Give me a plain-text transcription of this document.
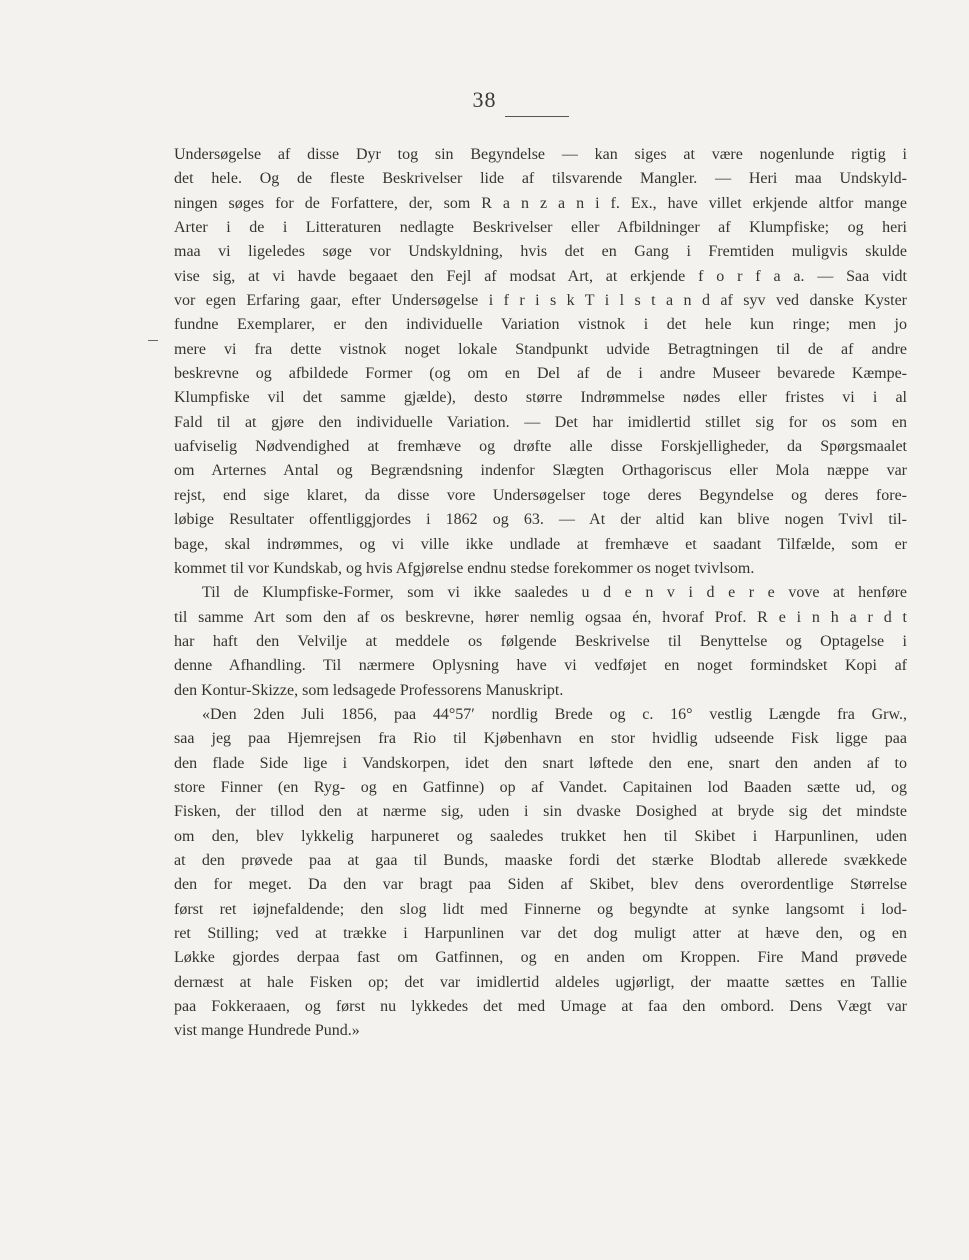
38
Undersøgelse af disse Dyr tog sin Begyndelse — kan siges at være nogenlunde rigtig i
det hele. Og de fleste Beskrivelser lide af tilsvarende Mangler. — Heri maa Undskyld-
ningen søges for de Forfattere, der, som R a n z a n i f. Ex., have villet erkjende altfor mange
Arter i de i Litteraturen nedlagte Beskrivelser eller Afbildninger af Klumpfiske; og heri
maa vi ligeledes søge vor Undskyldning, hvis det en Gang i Fremtiden muligvis skulde
vise sig, at vi havde begaaet den Fejl af modsat Art, at erkjende f o r f a a. — Saa vidt
vor egen Erfaring gaar, efter Undersøgelse i f r i s k T i l s t a n d af syv ved danske Kyster
fundne Exemplarer, er den individuelle Variation vistnok i det hele kun ringe; men jo
mere vi fra dette vistnok noget lokale Standpunkt udvide Betragtningen til de af andre
beskrevne og afbildede Former (og om en Del af de i andre Museer bevarede Kæmpe-
Klumpfiske vil det samme gjælde), desto større Indrømmelse nødes eller fristes vi i al
Fald til at gjøre den individuelle Variation. — Det har imidlertid stillet sig for os som en
uafviselig Nødvendighed at fremhæve og drøfte alle disse Forskjelligheder, da Spørgsmaalet
om Arternes Antal og Begrændsning indenfor Slægten Orthagoriscus eller Mola næppe var
rejst, end sige klaret, da disse vore Undersøgelser toge deres Begyndelse og deres fore-
løbige Resultater offentliggjordes i 1862 og 63. — At der altid kan blive nogen Tvivl til-
bage, skal indrømmes, og vi ville ikke undlade at fremhæve et saadant Tilfælde, som er
kommet til vor Kundskab, og hvis Afgjørelse endnu stedse forekommer os noget tvivlsom.
Til de Klumpfiske-Former, som vi ikke saaledes u d e n v i d e r e vove at henføre
til samme Art som den af os beskrevne, hører nemlig ogsaa én, hvoraf Prof. R e i n h a r d t
har haft den Velvilje at meddele os følgende Beskrivelse til Benyttelse og Optagelse i
denne Afhandling. Til nærmere Oplysning have vi vedføjet en noget formindsket Kopi af
den Kontur-Skizze, som ledsagede Professorens Manuskript.
«Den 2den Juli 1856, paa 44°57′ nordlig Brede og c. 16° vestlig Længde fra Grw.,
saa jeg paa Hjemrejsen fra Rio til Kjøbenhavn en stor hvidlig udseende Fisk ligge paa
den flade Side lige i Vandskorpen, idet den snart løftede den ene, snart den anden af to
store Finner (en Ryg- og en Gatfinne) op af Vandet. Capitainen lod Baaden sætte ud, og
Fisken, der tillod den at nærme sig, uden i sin dvaske Dosighed at bryde sig det mindste
om den, blev lykkelig harpuneret og saaledes trukket hen til Skibet i Harpunlinen, uden
at den prøvede paa at gaa til Bunds, maaske fordi det stærke Blodtab allerede svækkede
den for meget. Da den var bragt paa Siden af Skibet, blev dens overordentlige Størrelse
først ret iøjnefaldende; den slog lidt med Finnerne og begyndte at synke langsomt i lod-
ret Stilling; ved at trække i Harpunlinen var det dog muligt atter at hæve den, og en
Løkke gjordes derpaa fast om Gatfinnen, og en anden om Kroppen. Fire Mand prøvede
dernæst at hale Fisken op; det var imidlertid aldeles ugjørligt, der maatte sættes en Tallie
paa Fokkeraaen, og først nu lykkedes det med Umage at faa den ombord. Dens Vægt var
vist mange Hundrede Pund.»
